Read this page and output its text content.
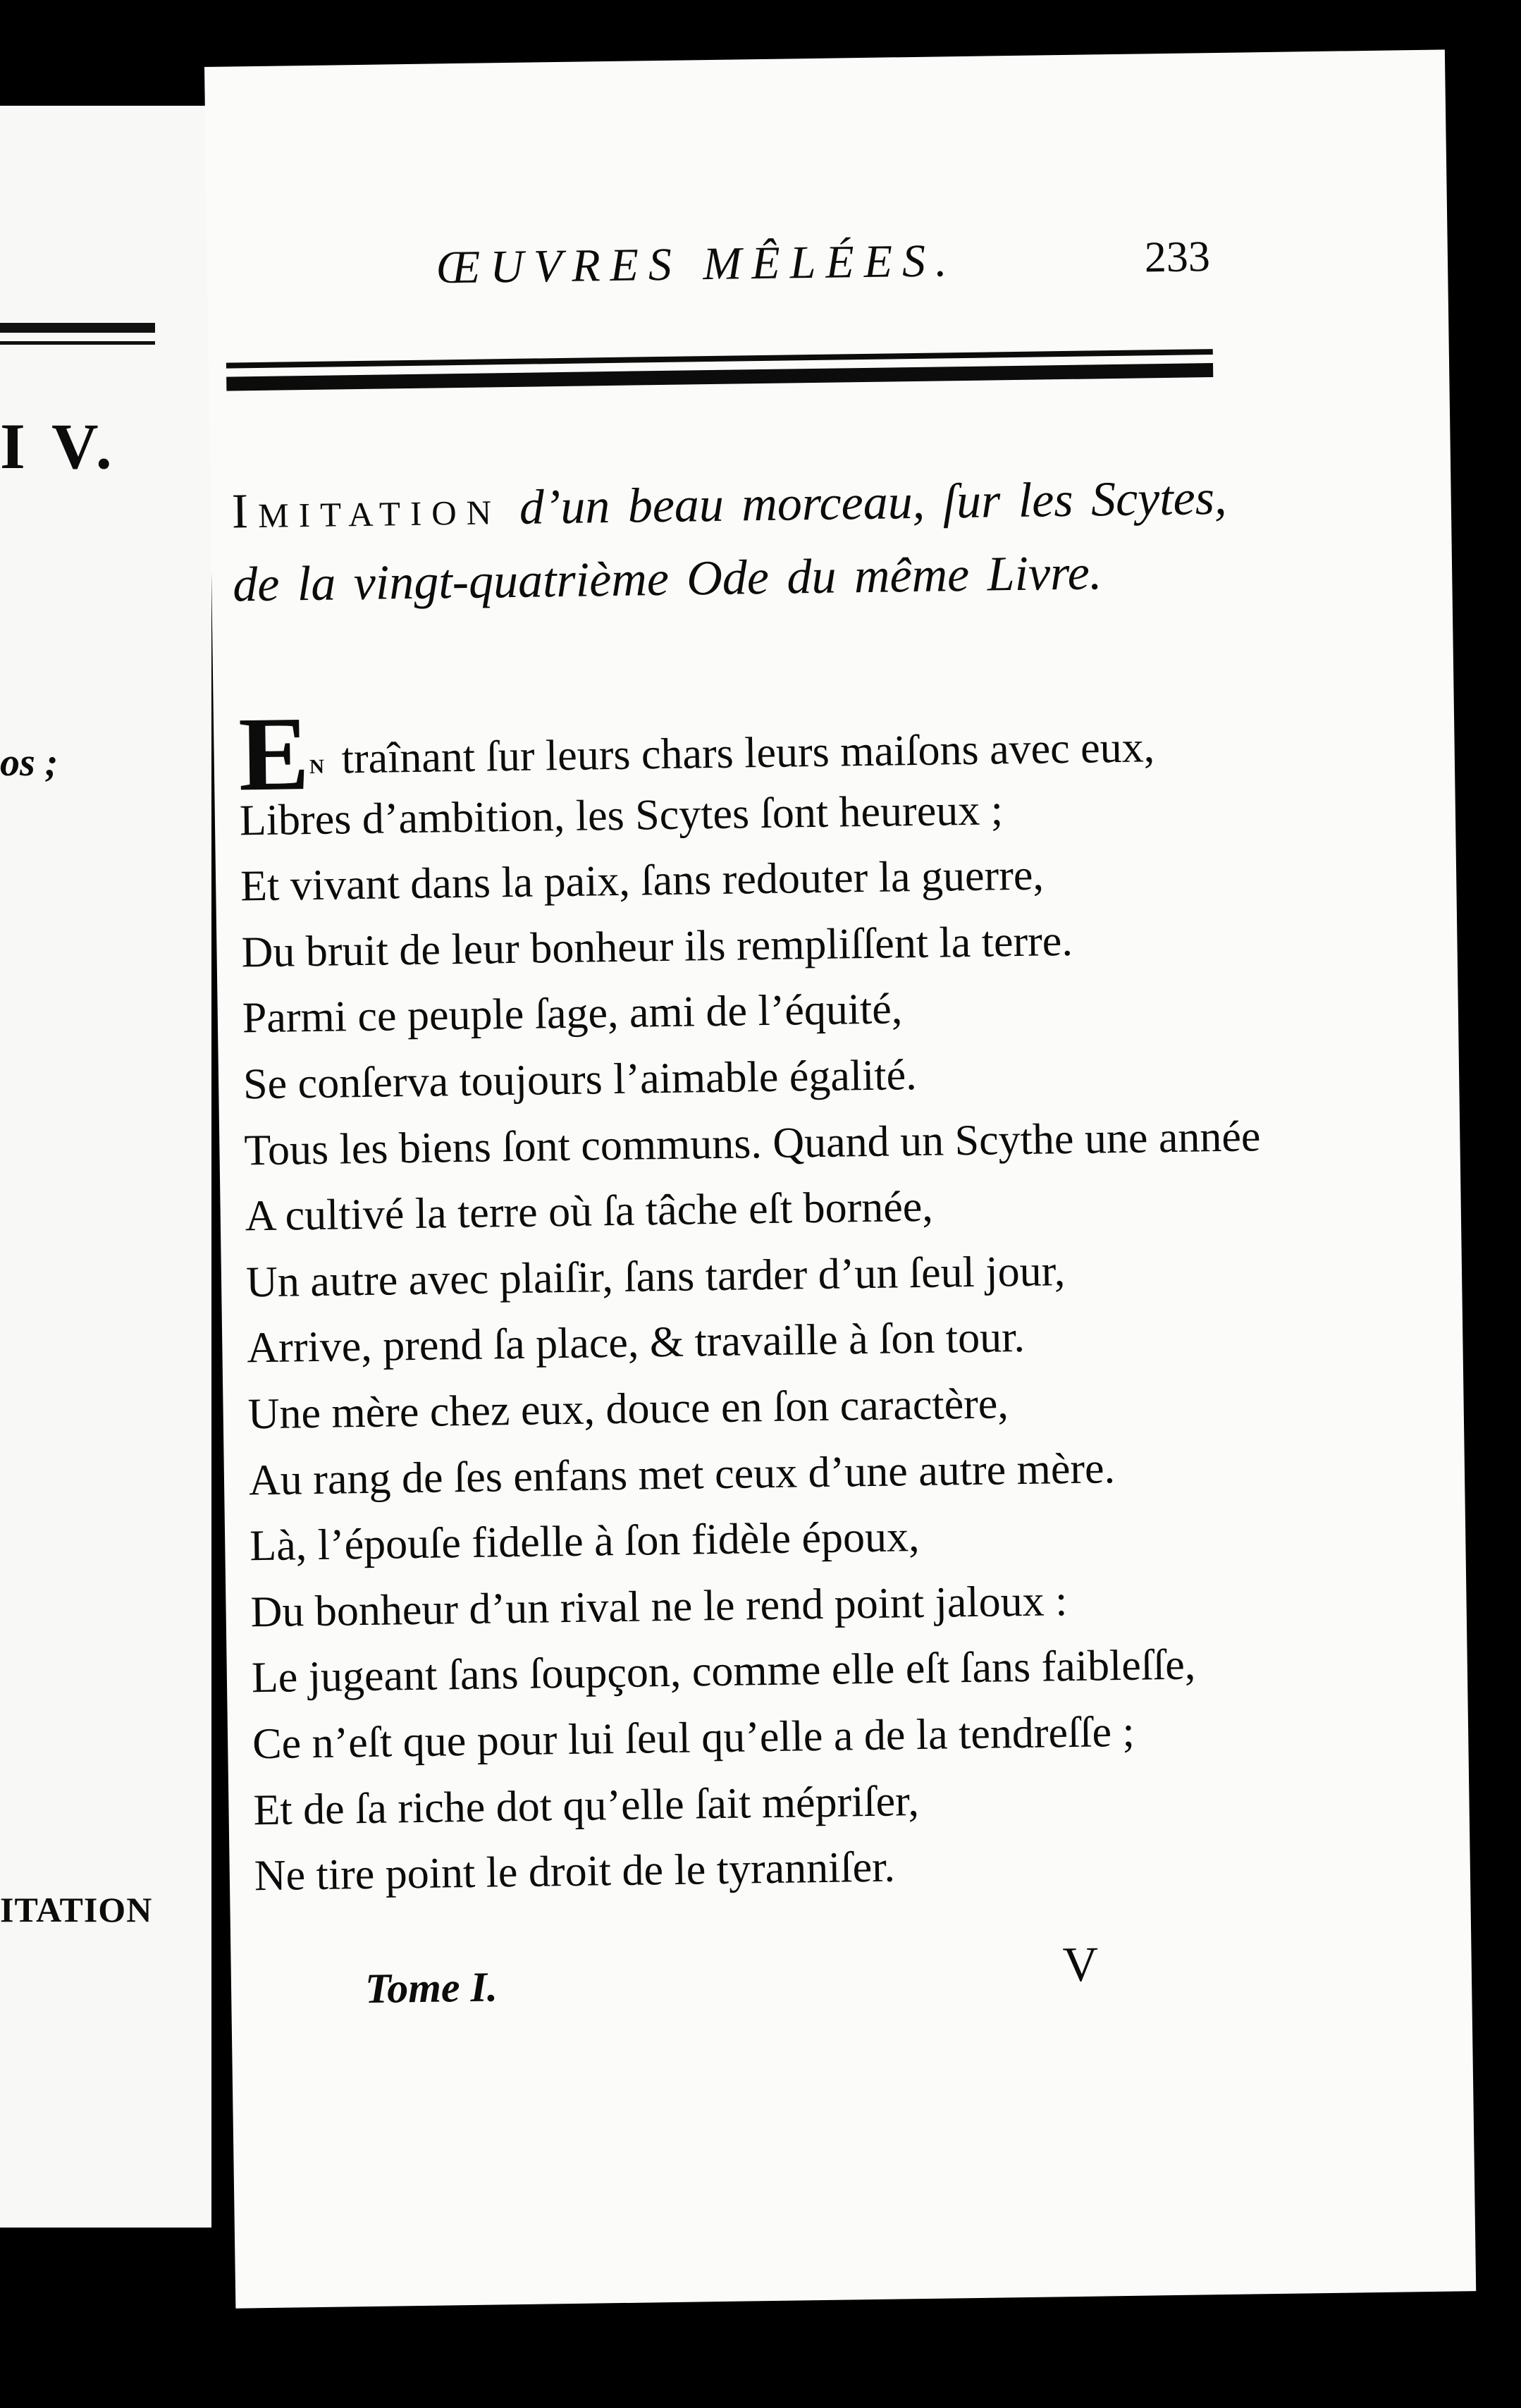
I V.
os ;
ITATION
ŒUVRES MÊLÉES.	233
Imitation d’un beau morceau, ſur les Scytes, de la vingt-quatrième Ode du même Livre.
En traînant ſur leurs chars leurs maiſons avec eux,
Libres d’ambition, les Scytes ſont heureux ;
Et vivant dans la paix, ſans redouter la guerre,
Du bruit de leur bonheur ils rempliſſent la terre.
Parmi ce peuple ſage, ami de l’équité,
Se conſerva toujours l’aimable égalité.
Tous les biens ſont communs. Quand un Scythe une année
A cultivé la terre où ſa tâche eſt bornée,
Un autre avec plaiſir, ſans tarder d’un ſeul jour,
Arrive, prend ſa place, & travaille à ſon tour.
Une mère chez eux, douce en ſon caractère,
Au rang de ſes enfans met ceux d’une autre mère.
Là, l’épouſe fidelle à ſon fidèle époux,
Du bonheur d’un rival ne le rend point jaloux :
Le jugeant ſans ſoupçon, comme elle eſt ſans faibleſſe,
Ce n’eſt que pour lui ſeul qu’elle a de la tendreſſe ;
Et de ſa riche dot qu’elle ſait mépriſer,
Ne tire point le droit de le tyranniſer.
Tome I.	V
